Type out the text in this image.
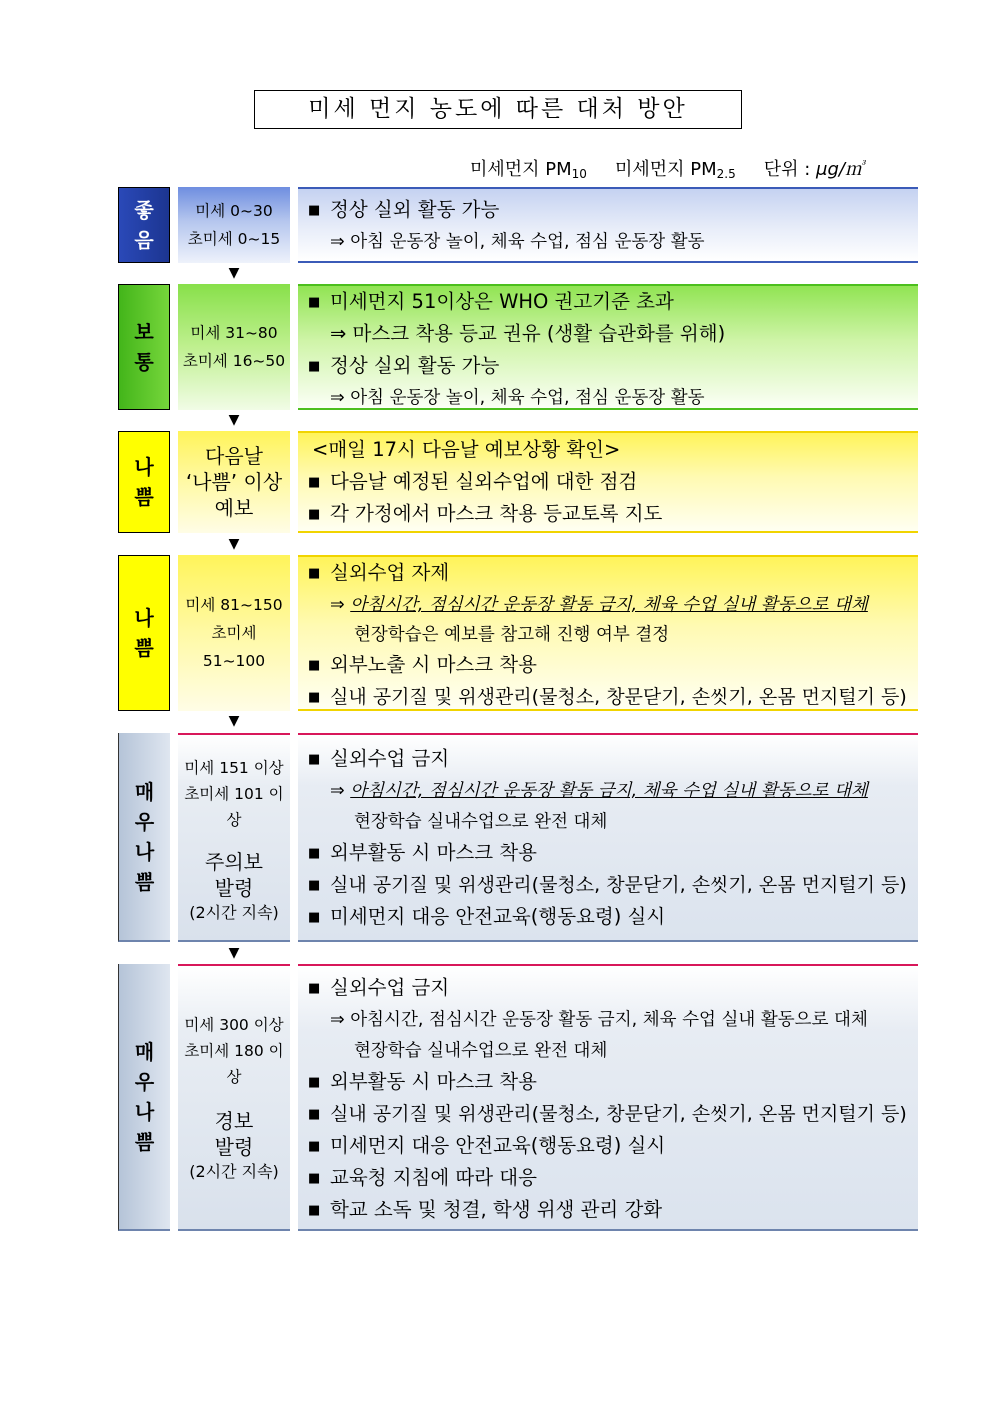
미세 먼지 농도에 따른 대처 방안
미세먼지 PM10 미세먼지 PM2.5 단위 : μg/㎥
좋
음
미세 0~30
초미세 0~15
■ 정상 실외 활동 가능
⇒ 아침 운동장 놀이, 체육 수업, 점심 운동장 활동
▼
보
통
미세 31~80
초미세 16~50
■ 미세먼지 51이상은 WHO 권고기준 초과
⇒ 마스크 착용 등교 권유 (생활 습관화를 위해)
■ 정상 실외 활동 가능
⇒ 아침 운동장 놀이, 체육 수업, 점심 운동장 활동
▼
나
쁨
다음날
‘나쁨’ 이상
예보
<매일 17시 다음날 예보상황 확인>
■ 다음날 예정된 실외수업에 대한 점검
■ 각 가정에서 마스크 착용 등교토록 지도
▼
나
쁨
미세 81~150
초미세 51~100
■ 실외수업 자제
⇒ 아침시간, 점심시간 운동장 활동 금지, 체육 수업 실내 활동으로 대체
현장학습은 예보를 참고해 진행 여부 결정
■ 외부노출 시 마스크 착용
■ 실내 공기질 및 위생관리(물청소, 창문닫기, 손씻기, 온몸 먼지털기 등)
▼
매
우
나
쁨
미세 151 이상
초미세 101 이상
주의보
발령
(2시간 지속)
■ 실외수업 금지
⇒ 아침시간, 점심시간 운동장 활동 금지, 체육 수업 실내 활동으로 대체
현장학습 실내수업으로 완전 대체
■ 외부활동 시 마스크 착용
■ 실내 공기질 및 위생관리(물청소, 창문닫기, 손씻기, 온몸 먼지털기 등)
■ 미세먼지 대응 안전교육(행동요령) 실시
▼
매
우
나
쁨
미세 300 이상
초미세 180 이상
경보
발령
(2시간 지속)
■ 실외수업 금지
⇒ 아침시간, 점심시간 운동장 활동 금지, 체육 수업 실내 활동으로 대체
현장학습 실내수업으로 완전 대체
■ 외부활동 시 마스크 착용
■ 실내 공기질 및 위생관리(물청소, 창문닫기, 손씻기, 온몸 먼지털기 등)
■ 미세먼지 대응 안전교육(행동요령) 실시
■ 교육청 지침에 따라 대응
■ 학교 소독 및 청결, 학생 위생 관리 강화
